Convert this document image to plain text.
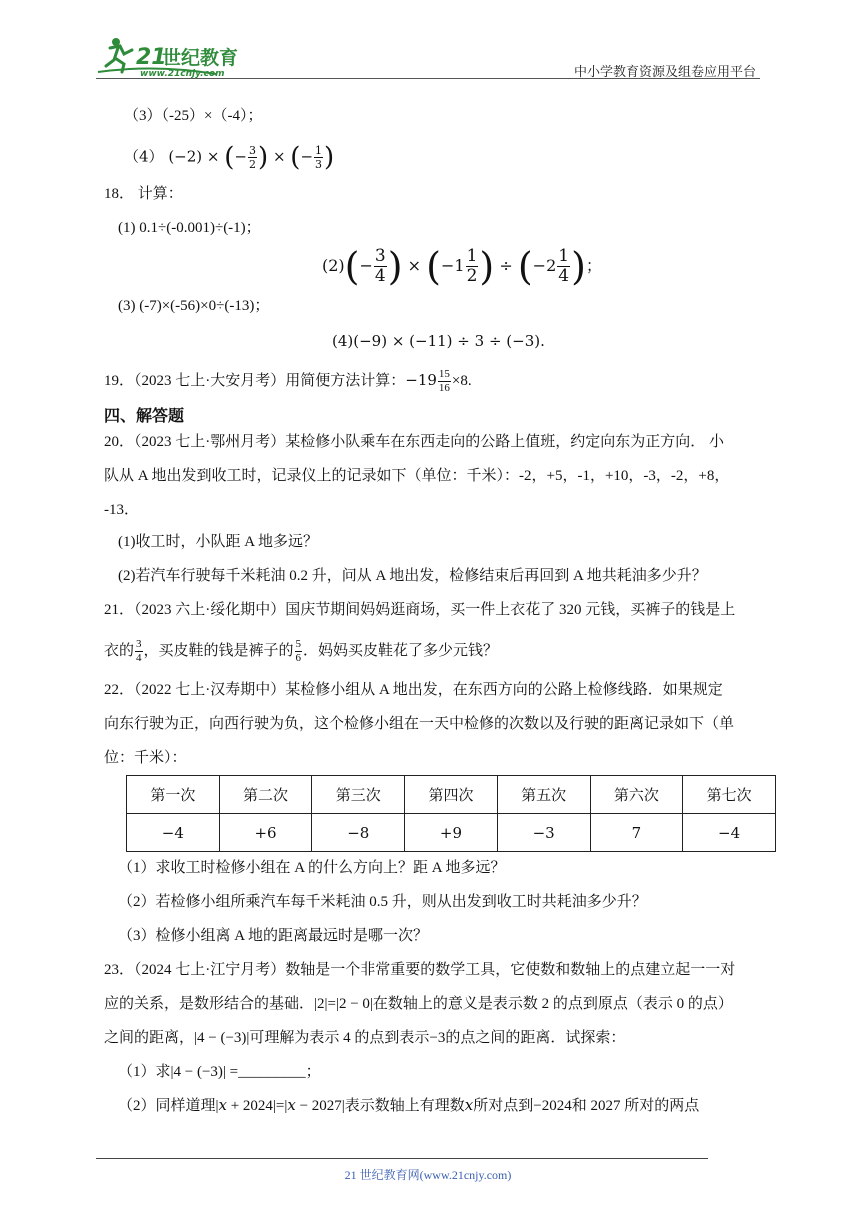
21
世纪教育
www.21cnjy.com	中小学教育资源及组卷应用平台
（3）（-25）×（-4）；
（4） (−2) × (− $\frac{3}{2}$ ) × (− $\frac{1}{3}$ )
18． 计算：
(1) 0.1÷(-0.001)÷(-1)；
$(2)(- \frac{3}{4}$ ) × ($-1 \frac{1}{2}$ ) ÷ ($-2 \frac{1}{4}$ )；
(3) (-7)×(-56)×0÷(-13)；
(4)(−9) × (−11) ÷ 3 ÷ (−3).
19．（2023 七上·大安月考）用简便方法计算：$-19 \frac{15}{16} \times 8$.
四、解答题
20．（2023 七上·鄂州月考）某检修小队乘车在东西走向的公路上值班，约定向东为正方向． 小
队从 A 地出发到收工时，记录仪上的记录如下（单位：千米）：-2，+5，-1，+10，-3，-2，+8，
-13．
(1)收工时，小队距 A 地多远？
(2)若汽车行驶每千米耗油 0.2 升，问从 A 地出发，检修结束后再回到 A 地共耗油多少升？
21．（2023 六上·绥化期中）国庆节期间妈妈逛商场，买一件上衣花了 320 元钱，买裤子的钱是上
衣的 $\frac{3}{4}$ ，买皮鞋的钱是裤子的 $\frac{5}{6}$ ．妈妈买皮鞋花了多少元钱？
22．（2022 七上·汉寿期中）某检修小组从 A 地出发，在东西方向的公路上检修线路．如果规定
向东行驶为正，向西行驶为负，这个检修小组在一天中检修的次数以及行驶的距离记录如下（单
位：千米）：
第一次	第二次	第三次	第四次	第五次	第六次	第七次
−4	+6	−8	+9	−3	7	−4
（1）求收工时检修小组在 A 的什么方向上？距 A 地多远？
（2）若检修小组所乘汽车每千米耗油 0.5 升，则从出发到收工时共耗油多少升？
（3）检修小组离 A 地的距离最远时是哪一次？
23．（2024 七上·江宁月考）数轴是一个非常重要的数学工具，它使数和数轴上的点建立起一一对
应的关系，是数形结合的基础．|2|=|2 − 0|在数轴上的意义是表示数 2 的点到原点（表示 0 的点）
之间的距离，|4 − (−3)|可理解为表示 4 的点到表示−3的点之间的距离．试探索：
（1）求|4 − (−3)| =_________；
（2）同样道理|𝑥 + 2024|=|𝑥 − 2027|表示数轴上有理数𝑥所对点到−2024和 2027 所对的两点
21 世纪教育网(www.21cnjy.com)
